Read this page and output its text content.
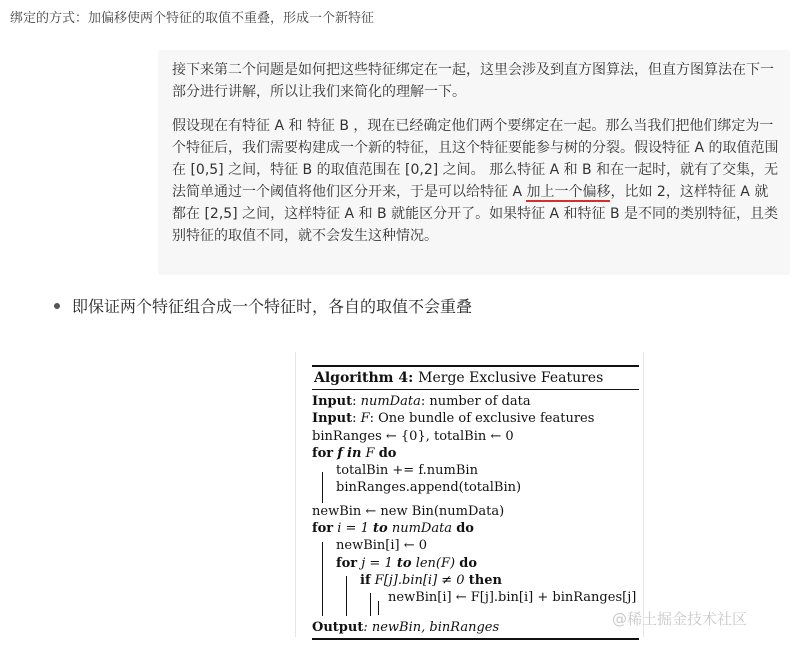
绑定的方式：加偏移使两个特征的取值不重叠，形成一个新特征

接下来第二个问题是如何把这些特征绑定在一起，这里会涉及到直方图算法，但直方图算法在下一部分进行讲解，所以让我们来简化的理解一下。

假设现在有特征 A 和 特征 B ，现在已经确定他们两个要绑定在一起。那么当我们把他们绑定为一个特征后，我们需要构建成一个新的特征，且这个特征要能参与树的分裂。假设特征 A 的取值范围在 [0,5] 之间，特征 B 的取值范围在 [0,2] 之间。 那么特征 A 和 B 和在一起时，就有了交集，无法简单通过一个阈值将他们区分开来，于是可以给特征 A 加上一个偏移，比如 2，这样特征 A 就都在 [2,5] 之间，这样特征 A 和 B 就能区分开了。如果特征 A 和特征 B 是不同的类别特征，且类别特征的取值不同，就不会发生这种情况。

即保证两个特征组合成一个特征时，各自的取值不会重叠
Algorithm 4: Merge Exclusive Features
Input: numData: number of data
Input: F: One bundle of exclusive features
binRanges ← {0}, totalBin ← 0
for f in F do
totalBin += f.numBin
binRanges.append(totalBin)
newBin ← new Bin(numData)
for i = 1 to numData do
newBin[i] ← 0
for j = 1 to len(F) do
if F[j].bin[i] ≠ 0 then
newBin[i] ← F[j].bin[i] + binRanges[j]
Output: newBin, binRanges	@稀土掘金技术社区
